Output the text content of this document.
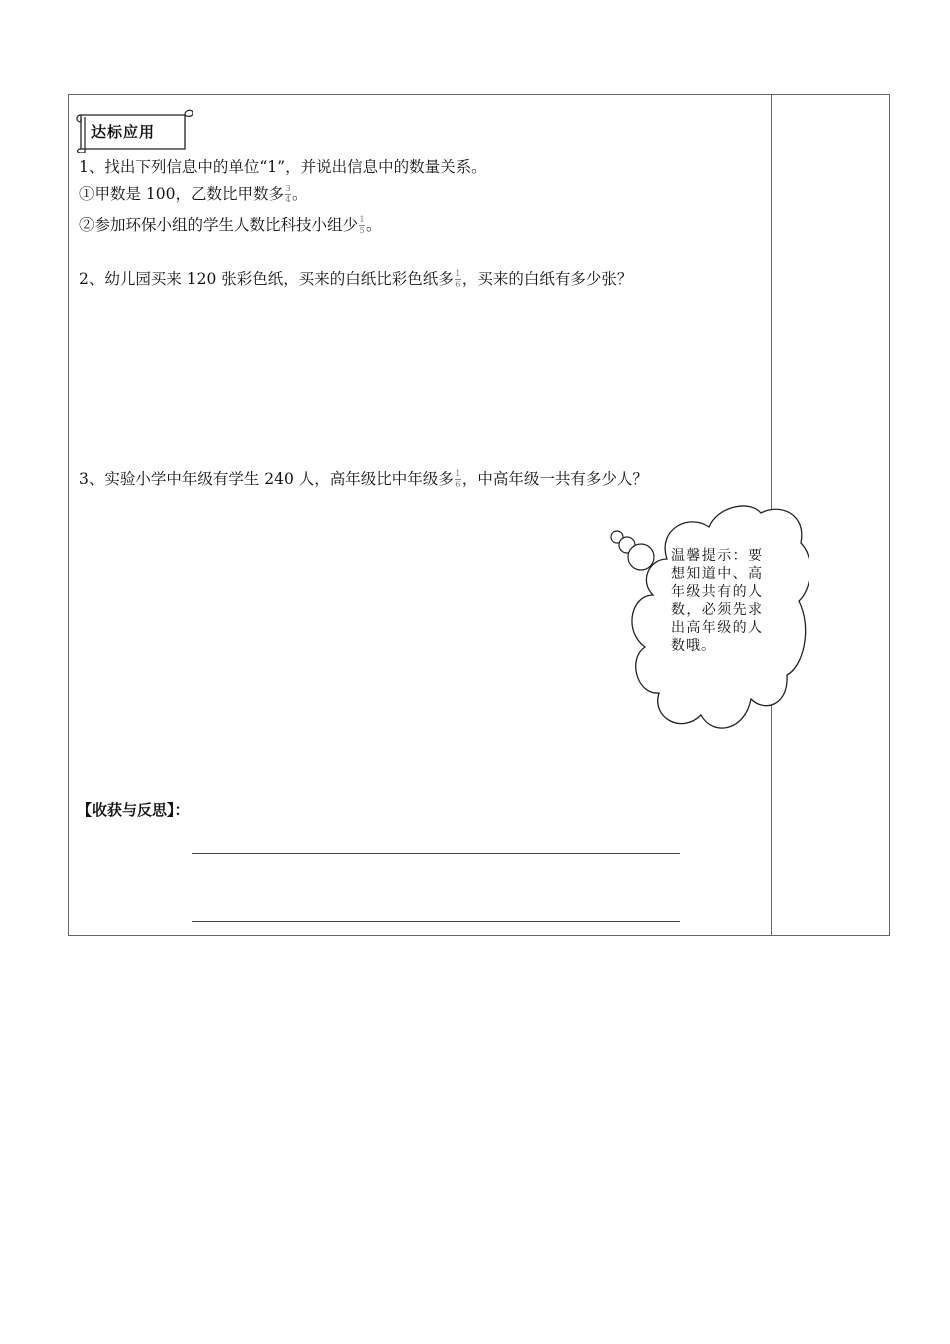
达标应用
1、找出下列信息中的单位“1”，并说出信息中的数量关系。
①甲数是 100，乙数比甲数多 $\frac{3}{4}$ 。
②参加环保小组的学生人数比科技小组少 $\frac{1}{5}$ 。
2、幼儿园买来 120 张彩色纸，买来的白纸比彩色纸多 $\frac{1}{6}$ ，买来的白纸有多少张？
3、实验小学中年级有学生 240 人，高年级比中年级多 $\frac{1}{6}$ ，中高年级一共有多少人？
温馨提示：要想知道中、高年级共有的人数，必须先求出高年级的人数哦。
【收获与反思】：
